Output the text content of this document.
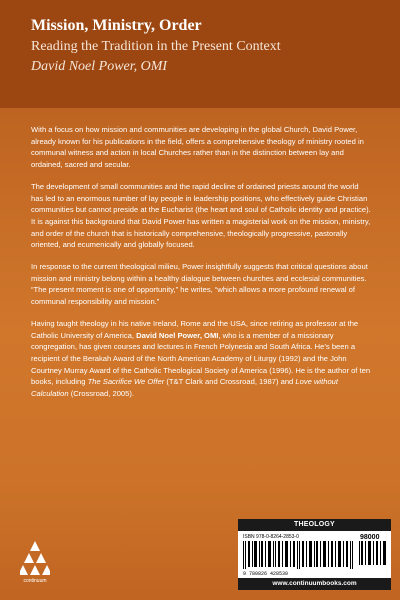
Mission, Ministry, Order
Reading the Tradition in the Present Context
David Noel Power, OMI

With a focus on how mission and communities are developing in the global Church, David Power, already known for his publications in the field, offers a comprehensive theology of ministry rooted in communal witness and action in local Churches rather than in the distinction between lay and ordained, sacred and secular.

The development of small communities and the rapid decline of ordained priests around the world has led to an enormous number of lay people in leadership positions, who effectively guide Christian communities but cannot preside at the Eucharist (the heart and soul of Catholic identity and practice). It is against this background that David Power has written a magisterial work on the mission, ministry, and order of the church that is historically comprehensive, theologically progressive, pastorally oriented, and ecumenically and globally focused.

In response to the current theological milieu, Power insightfully suggests that critical questions about mission and ministry belong within a healthy dialogue between churches and ecclesial communities. “The present moment is one of opportunity,” he writes, “which allows a more profound renewal of communal responsibility and mission.”

Having taught theology in his native Ireland, Rome and the USA, since retiring as professor at the Catholic University of America, David Noel Power, OMI, who is a member of a missionary congregation, has given courses and lectures in French Polynesia and South Africa. He’s been a recipient of the Berakah Award of the North American Academy of Liturgy (1992) and the John Courtney Murray Award of the Catholic Theological Society of America (1996). He is the author of ten books, including The Sacrifice We Offer (T&T Clark and Crossroad, 1987) and Love without Calculation (Crossroad, 2005).

continuum
THEOLOGY
ISBN 978-0-8264-2853-0	98000
9 780826 428530
www.continuumbooks.com
